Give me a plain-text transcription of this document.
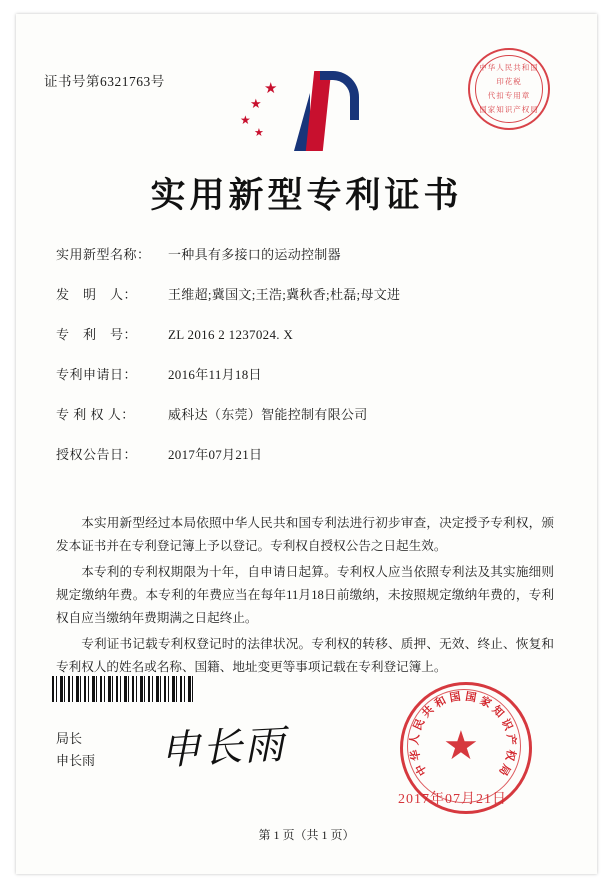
证书号第6321763号	★
★
★
★
中华人民共和国
印花税
代扣专用章
国家知识产权局
实用新型专利证书
实用新型名称：	一种具有多接口的运动控制器
发　明　人：	王维超;冀国文;王浩;冀秋香;杜磊;母文进
专　利　号：	ZL 2016 2 1237024. X
专利申请日：	2016年11月18日
专 利 权 人：	威科达（东莞）智能控制有限公司
授权公告日：	2017年07月21日

本实用新型经过本局依照中华人民共和国专利法进行初步审查，决定授予专利权，颁发本证书并在专利登记簿上予以登记。专利权自授权公告之日起生效。

本专利的专利权期限为十年，自申请日起算。专利权人应当依照专利法及其实施细则规定缴纳年费。本专利的年费应当在每年11月18日前缴纳，未按照规定缴纳年费的，专利权自应当缴纳年费期满之日起终止。

专利证书记载专利权登记时的法律状况。专利权的转移、质押、无效、终止、恢复和专利权人的姓名或名称、国籍、地址变更等事项记载在专利登记簿上。

局长
申长雨 申长雨	中
华
人
民
共
和 国 国 家
知
识
产
权
局
★
2017年07月21日
第 1 页（共 1 页）
